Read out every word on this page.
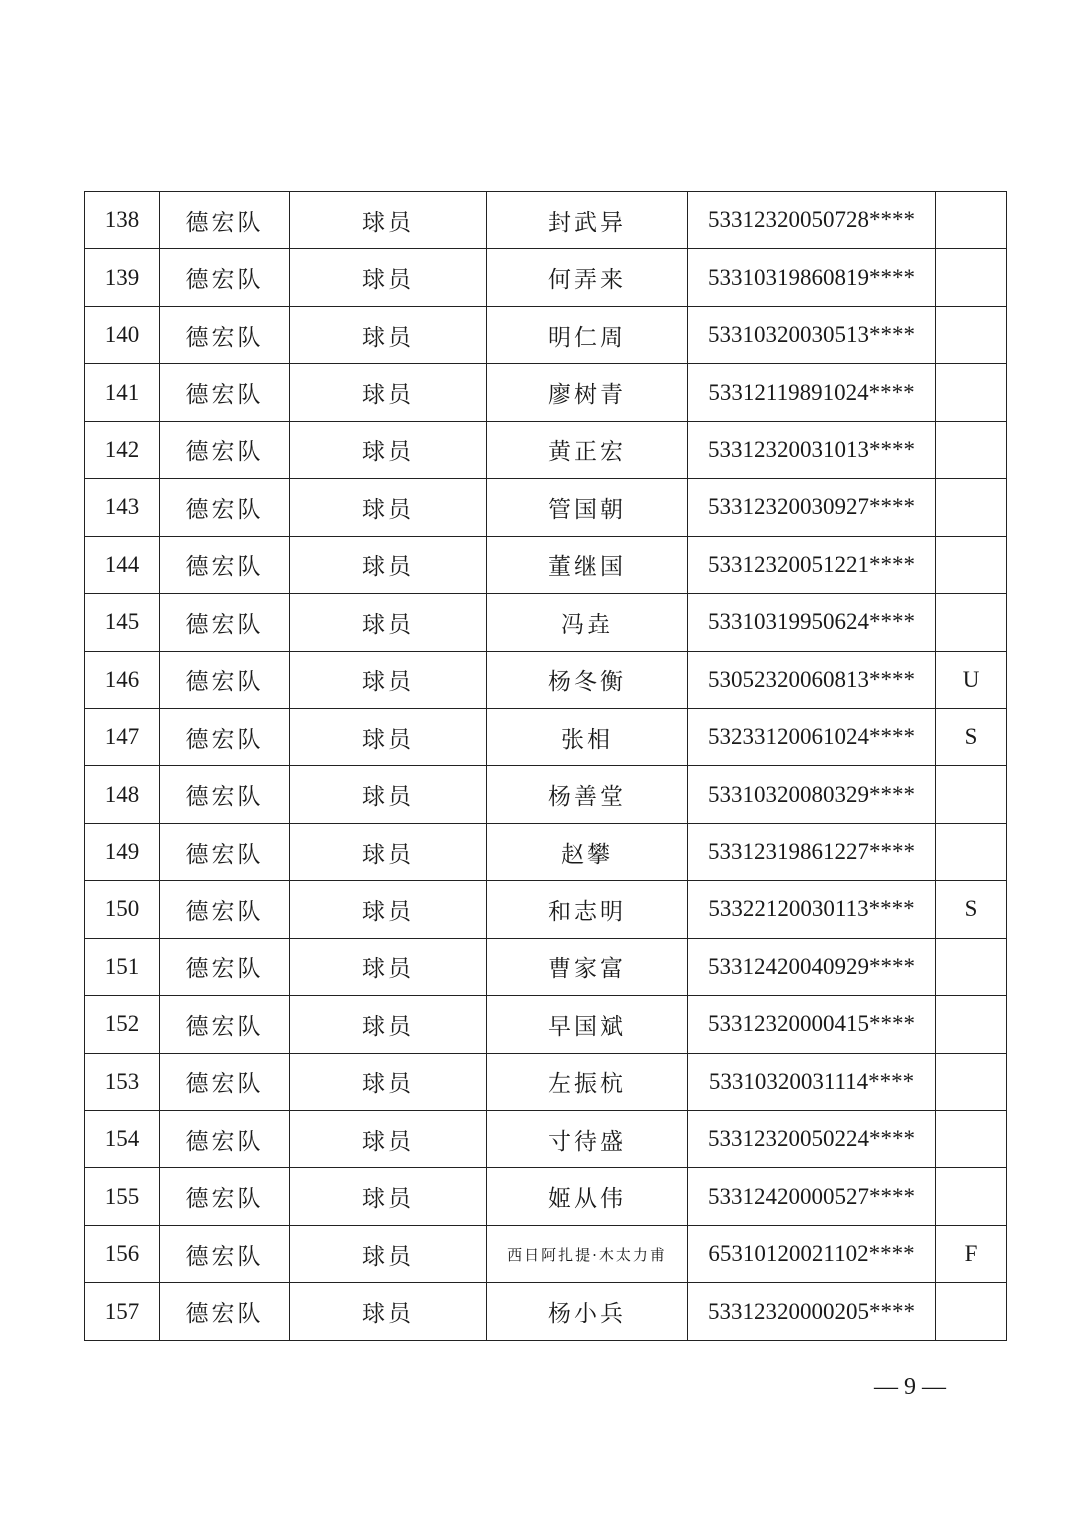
138	德宏队	球员	封武异	53312320050728****	
139	德宏队	球员	何弄来	53310319860819****	
140	德宏队	球员	明仁周	53310320030513****	
141	德宏队	球员	廖树青	53312119891024****	
142	德宏队	球员	黄正宏	53312320031013****	
143	德宏队	球员	管国朝	53312320030927****	
144	德宏队	球员	董继国	53312320051221****	
145	德宏队	球员	冯垚	53310319950624****	
146	德宏队	球员	杨冬衡	53052320060813****	U
147	德宏队	球员	张相	53233120061024****	S
148	德宏队	球员	杨善堂	53310320080329****	
149	德宏队	球员	赵攀	53312319861227****	
150	德宏队	球员	和志明	53322120030113****	S
151	德宏队	球员	曹家富	53312420040929****	
152	德宏队	球员	早国斌	53312320000415****	
153	德宏队	球员	左振杭	53310320031114****	
154	德宏队	球员	寸待盛	53312320050224****	
155	德宏队	球员	姬从伟	53312420000527****	
156	德宏队	球员	西日阿扎提·木太力甫	65310120021102****	F
157	德宏队	球员	杨小兵	53312320000205****	
— 9 —
